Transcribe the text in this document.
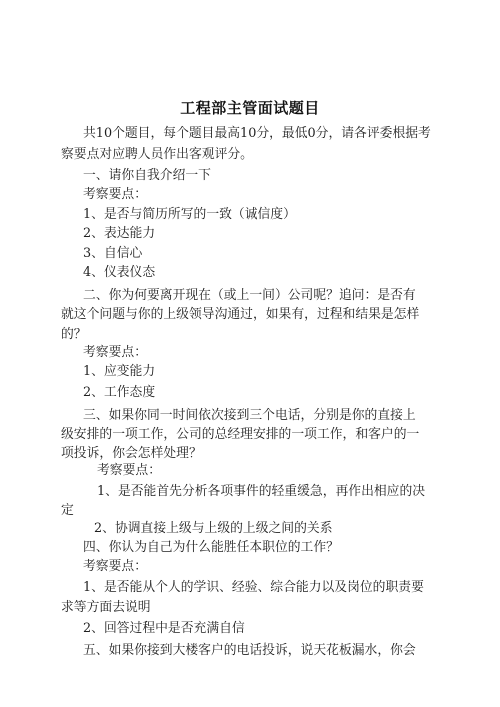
工程部主管面试题目
共10个题目，每个题目最高10分，最低0分，请各评委根据考
察要点对应聘人员作出客观评分。
一、请你自我介绍一下
考察要点：
1、是否与简历所写的一致（诚信度）
2、表达能力
3、自信心
4、仪表仪态
二、你为何要离开现在（或上一间）公司呢？追问：是否有
就这个问题与你的上级领导沟通过，如果有，过程和结果是怎样
的？
考察要点：
1、应变能力
2、工作态度
三、如果你同一时间依次接到三个电话，分别是你的直接上
级安排的一项工作，公司的总经理安排的一项工作，和客户的一
项投诉，你会怎样处理？
考察要点：
1、是否能首先分析各项事件的轻重缓急，再作出相应的决
定
2、协调直接上级与上级的上级之间的关系
四、你认为自己为什么能胜任本职位的工作？
考察要点：
1、是否能从个人的学识、经验、综合能力以及岗位的职责要
求等方面去说明
2、回答过程中是否充满自信
五、如果你接到大楼客户的电话投诉，说天花板漏水，你会
